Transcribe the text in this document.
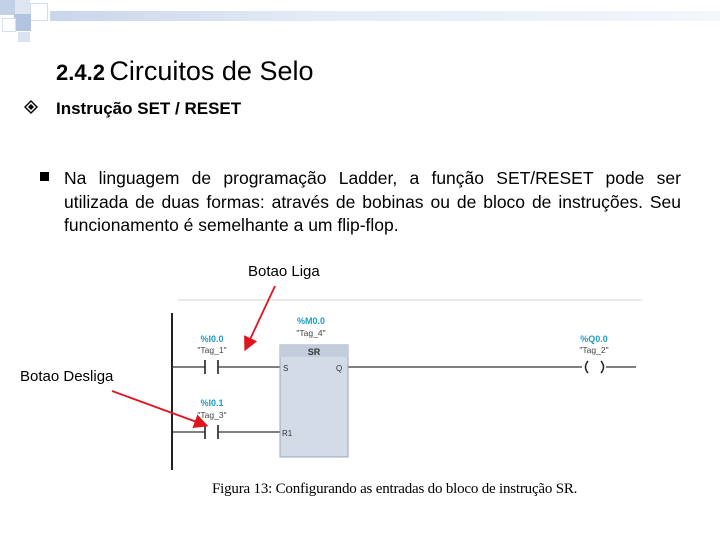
2.4.2 Circuitos de Selo
Instrução SET / RESET
Na linguagem de programação Ladder, a função SET/RESET pode ser utilizada de duas formas: através de bobinas ou de bloco de instruções. Seu funcionamento é semelhante a um flip-flop.
SR
S	Q
R1
%M0.0
"Tag_4"
%I0.0
"Tag_1"
%I0.1
"Tag_3"
%Q0.0
"Tag_2"
Botao Liga
Botao Desliga
Figura 13: Configurando as entradas do bloco de instrução SR.
